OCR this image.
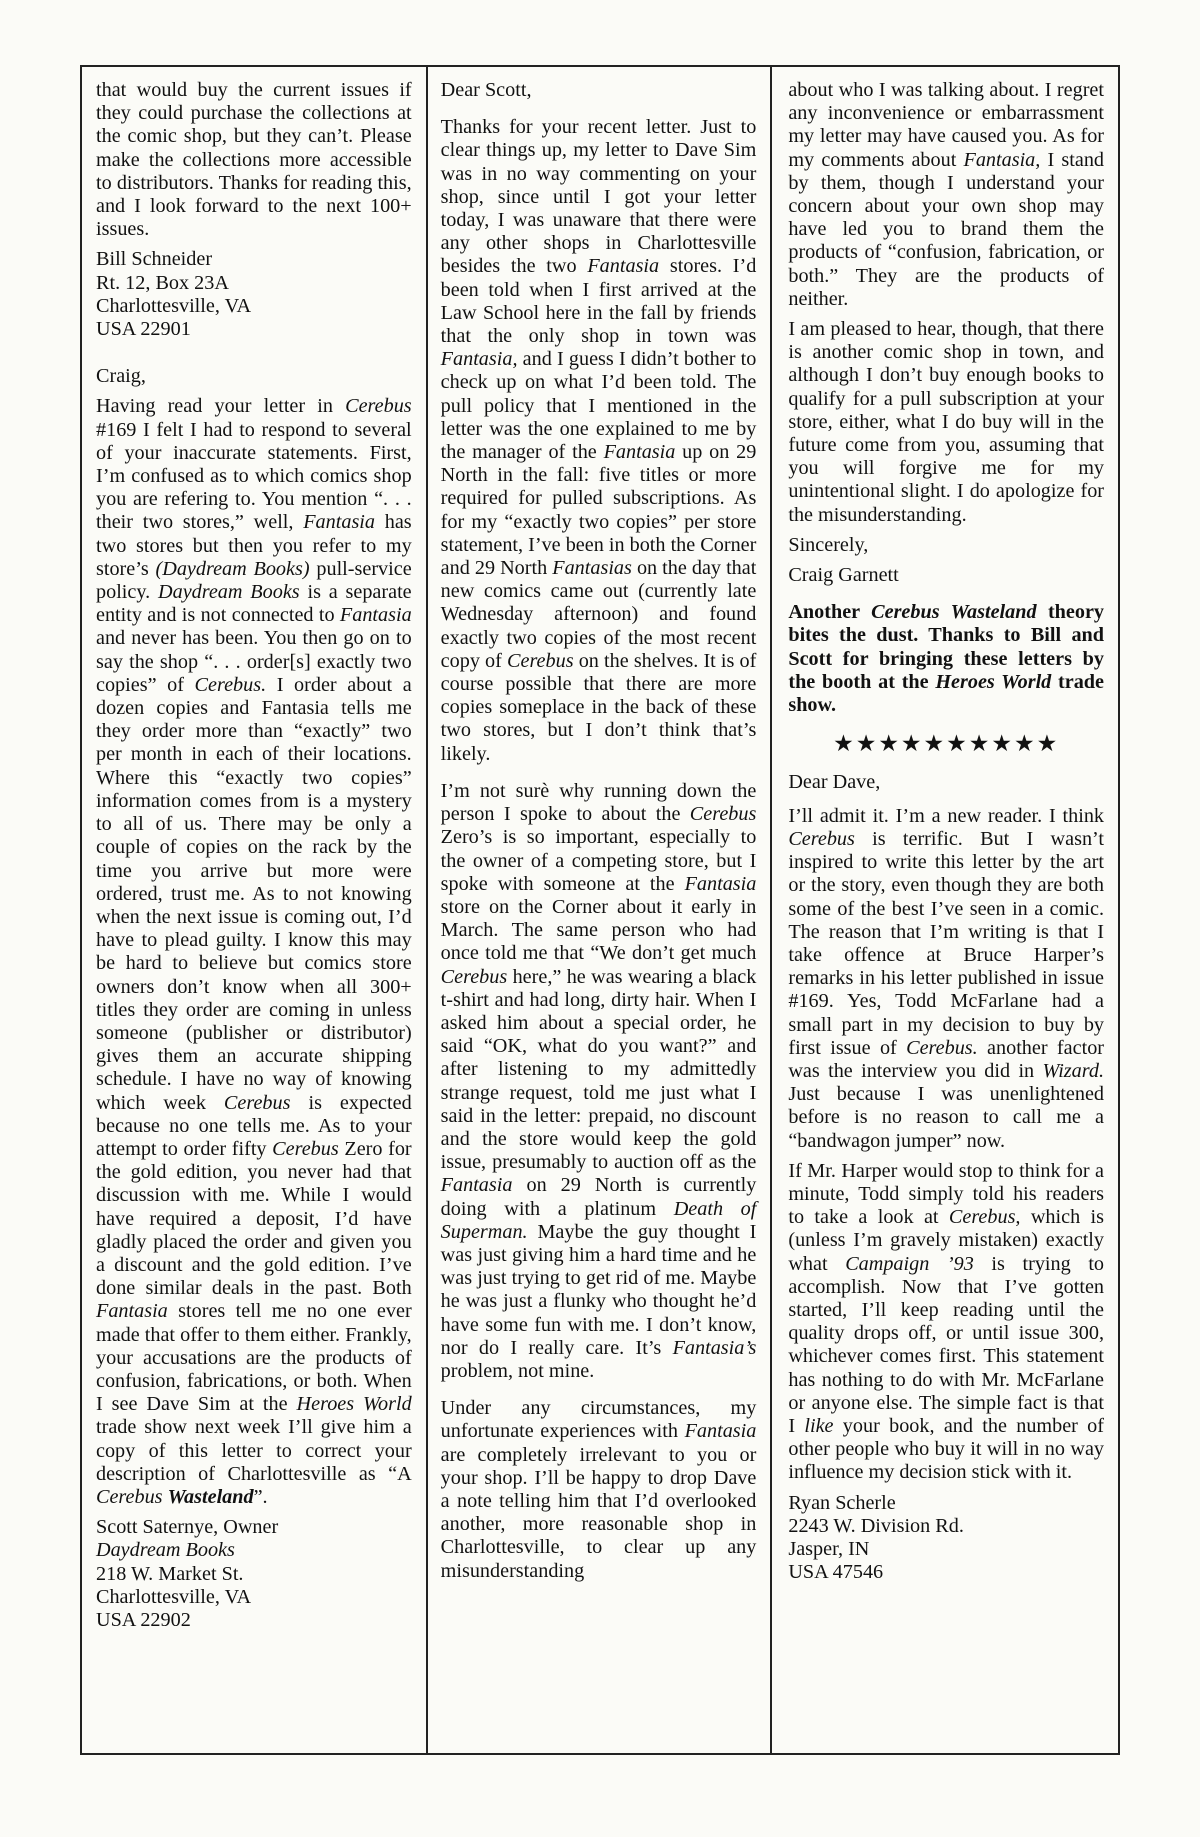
that would buy the current issues if they could purchase the collections at the comic shop, but they can’t. Please make the collections more accessible to distributors. Thanks for reading this, and I look forward to the next 100+ issues.

Bill Schneider
Rt. 12, Box 23A
Charlottesville, VA
USA 22901

Craig,

Having read your letter in Cerebus #169 I felt I had to respond to several of your inaccurate statements. First, I’m confused as to which comics shop you are refering to. You mention “. . . their two stores,” well, Fantasia has two stores but then you refer to my store’s (Daydream Books) pull-service policy. Daydream Books is a separate entity and is not connected to Fantasia and never has been. You then go on to say the shop “. . . order[s] exactly two copies” of Cerebus. I order about a dozen copies and Fantasia tells me they order more than “exactly” two per month in each of their locations. Where this “exactly two copies” information comes from is a mystery to all of us. There may be only a couple of copies on the rack by the time you arrive but more were ordered, trust me. As to not knowing when the next issue is coming out, I’d have to plead guilty. I know this may be hard to believe but comics store owners don’t know when all 300+ titles they order are coming in unless someone (publisher or distributor) gives them an accurate shipping schedule. I have no way of knowing which week Cerebus is expected because no one tells me. As to your attempt to order fifty Cerebus Zero for the gold edition, you never had that discussion with me. While I would have required a deposit, I’d have gladly placed the order and given you a discount and the gold edition. I’ve done similar deals in the past. Both Fantasia stores tell me no one ever made that offer to them either. Frankly, your accusations are the products of confusion, fabrications, or both. When I see Dave Sim at the Heroes World trade show next week I’ll give him a copy of this letter to correct your description of Charlottesville as “A Cerebus Wasteland”.

Scott Saternye, Owner
Daydream Books
218 W. Market St.
Charlottesville, VA
USA 22902

Dear Scott,

Thanks for your recent letter. Just to clear things up, my letter to Dave Sim was in no way commenting on your shop, since until I got your letter today, I was unaware that there were any other shops in Charlottesville besides the two Fantasia stores. I’d been told when I first arrived at the Law School here in the fall by friends that the only shop in town was Fantasia, and I guess I didn’t bother to check up on what I’d been told. The pull policy that I mentioned in the letter was the one explained to me by the manager of the Fantasia up on 29 North in the fall: five titles or more required for pulled subscriptions. As for my “exactly two copies” per store statement, I’ve been in both the Corner and 29 North Fantasias on the day that new comics came out (currently late Wednesday afternoon) and found exactly two copies of the most recent copy of Cerebus on the shelves. It is of course possible that there are more copies someplace in the back of these two stores, but I don’t think that’s likely.

I’m not surè why running down the person I spoke to about the Cerebus Zero’s is so important, especially to the owner of a competing store, but I spoke with someone at the Fantasia store on the Corner about it early in March. The same person who had once told me that “We don’t get much Cerebus here,” he was wearing a black t-shirt and had long, dirty hair. When I asked him about a special order, he said “OK, what do you want?” and after listening to my admittedly strange request, told me just what I said in the letter: prepaid, no discount and the store would keep the gold issue, presumably to auction off as the Fantasia on 29 North is currently doing with a platinum Death of Superman. Maybe the guy thought I was just giving him a hard time and he was just trying to get rid of me. Maybe he was just a flunky who thought he’d have some fun with me. I don’t know, nor do I really care. It’s Fantasia’s problem, not mine.

Under any circumstances, my unfortunate experiences with Fantasia are completely irrelevant to you or your shop. I’ll be happy to drop Dave a note telling him that I’d overlooked another, more reasonable shop in Charlottesville, to clear up any misunderstanding

about who I was talking about. I regret any inconvenience or embarrassment my letter may have caused you. As for my comments about Fantasia, I stand by them, though I understand your concern about your own shop may have led you to brand them the products of “confusion, fabrication, or both.” They are the products of neither.

I am pleased to hear, though, that there is another comic shop in town, and although I don’t buy enough books to qualify for a pull subscription at your store, either, what I do buy will in the future come from you, assuming that you will forgive me for my unintentional slight. I do apologize for the misunderstanding.

Sincerely,

Craig Garnett

Another Cerebus Wasteland theory bites the dust. Thanks to Bill and Scott for bringing these letters by the booth at the Heroes World trade show.

★★★★★★★★★★

Dear Dave,

I’ll admit it. I’m a new reader. I think Cerebus is terrific. But I wasn’t inspired to write this letter by the art or the story, even though they are both some of the best I’ve seen in a comic. The reason that I’m writing is that I take offence at Bruce Harper’s remarks in his letter published in issue #169. Yes, Todd McFarlane had a small part in my decision to buy by first issue of Cerebus. another factor was the interview you did in Wizard. Just because I was unenlightened before is no reason to call me a “bandwagon jumper” now.

If Mr. Harper would stop to think for a minute, Todd simply told his readers to take a look at Cerebus, which is (unless I’m gravely mistaken) exactly what Campaign ’93 is trying to accomplish. Now that I’ve gotten started, I’ll keep reading until the quality drops off, or until issue 300, whichever comes first. This statement has nothing to do with Mr. McFarlane or anyone else. The simple fact is that I like your book, and the number of other people who buy it will in no way influence my decision stick with it.

Ryan Scherle
2243 W. Division Rd.
Jasper, IN
USA 47546
